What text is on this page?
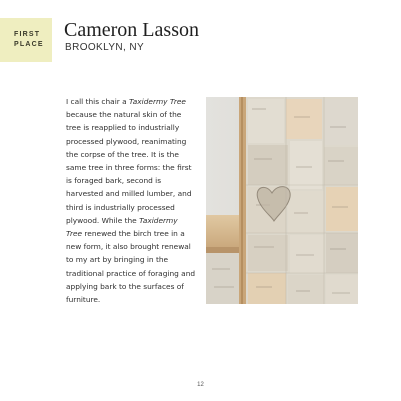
FIRST
PLACE
Cameron Lasson
BROOKLYN, NY

I call this chair a Taxidermy Tree because the natural skin of the tree is reapplied to industrially processed plywood, reanimating the corpse of the tree. It is the same tree in three forms: the first is foraged bark, second is harvested and milled lumber, and third is industrially processed plywood. While the Taxidermy Tree renewed the birch tree in a new form, it also brought renewal to my art by bringing in the traditional practice of foraging and applying bark to the surfaces of furniture.

12
